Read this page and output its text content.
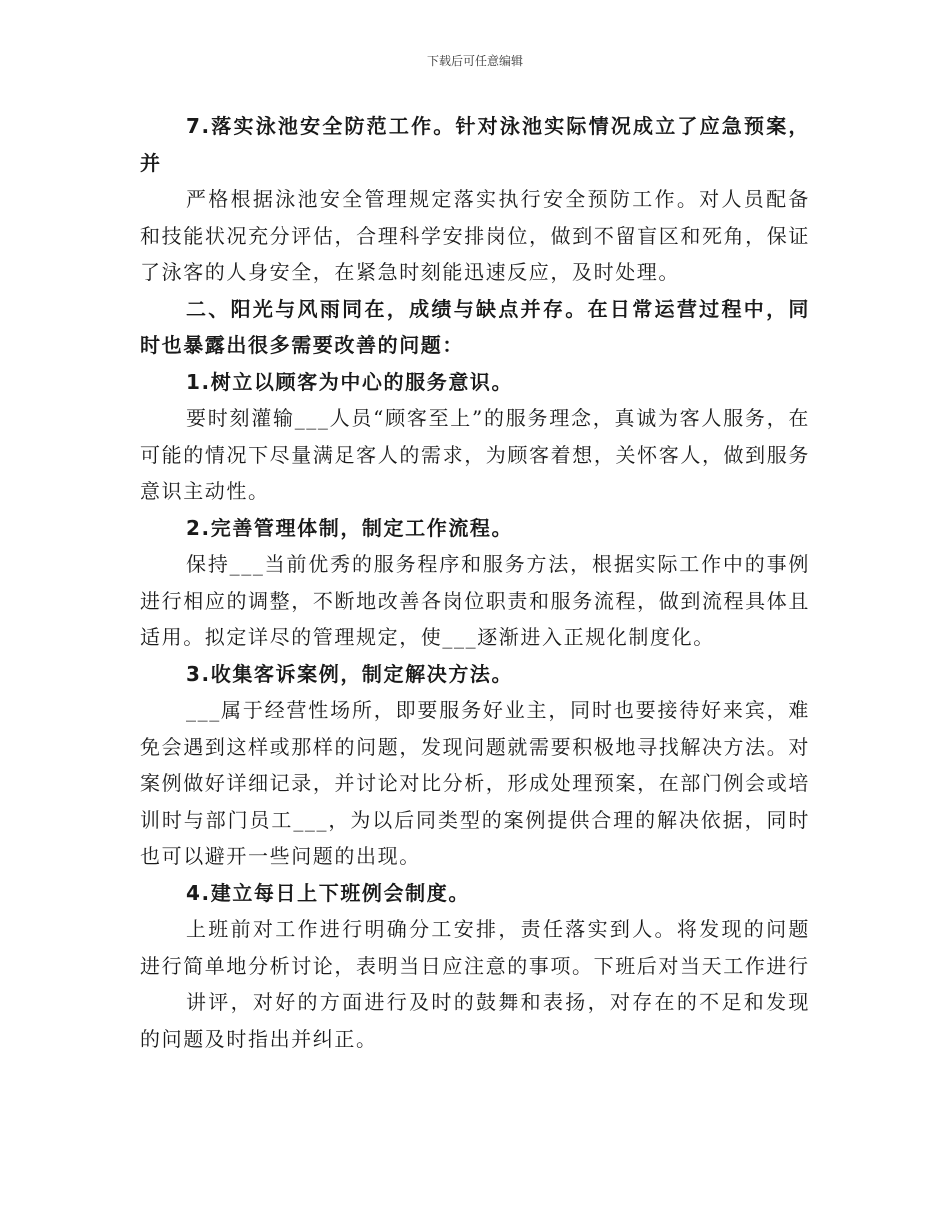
下载后可任意编辑

7.落实泳池安全防范工作。针对泳池实际情况成立了应急预案，并

严格根据泳池安全管理规定落实执行安全预防工作。对人员配备和技能状况充分评估，合理科学安排岗位，做到不留盲区和死角，保证了泳客的人身安全，在紧急时刻能迅速反应，及时处理。

二、阳光与风雨同在，成绩与缺点并存。在日常运营过程中，同时也暴露出很多需要改善的问题：

1.树立以顾客为中心的服务意识。

要时刻灌输___人员“顾客至上”的服务理念，真诚为客人服务，在可能的情况下尽量满足客人的需求，为顾客着想，关怀客人，做到服务意识主动性。

2.完善管理体制，制定工作流程。

保持___当前优秀的服务程序和服务方法，根据实际工作中的事例进行相应的调整，不断地改善各岗位职责和服务流程，做到流程具体且适用。拟定详尽的管理规定，使___逐渐进入正规化制度化。

3.收集客诉案例，制定解决方法。

___属于经营性场所，即要服务好业主，同时也要接待好来宾，难免会遇到这样或那样的问题，发现问题就需要积极地寻找解决方法。对案例做好详细记录，并讨论对比分析，形成处理预案，在部门例会或培训时与部门员工___，为以后同类型的案例提供合理的解决依据，同时也可以避开一些问题的出现。

4.建立每日上下班例会制度。

上班前对工作进行明确分工安排，责任落实到人。将发现的问题进行简单地分析讨论，表明当日应注意的事项。下班后对当天工作进行

讲评，对好的方面进行及时的鼓舞和表扬，对存在的不足和发现的问题及时指出并纠正。
